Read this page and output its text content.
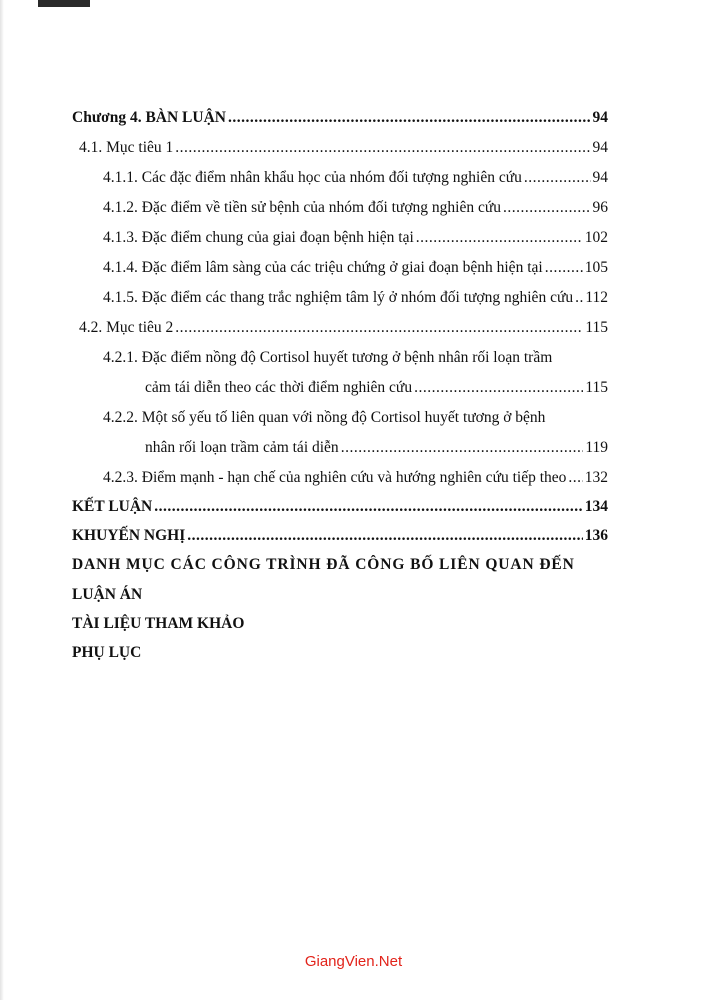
Chương 4. BÀN LUẬN .....	94
4.1. Mục tiêu 1 .....	94
4.1.1. Các đặc điểm nhân khẩu học của nhóm đối tượng nghiên cứu .....	94
4.1.2. Đặc điểm về tiền sử bệnh của nhóm đối tượng nghiên cứu .....	96
4.1.3. Đặc điểm chung của giai đoạn bệnh hiện tại .....	102
4.1.4. Đặc điểm lâm sàng của các triệu chứng ở giai đoạn bệnh hiện tại .....	105
4.1.5. Đặc điểm các thang trắc nghiệm tâm lý ở nhóm đối tượng nghiên cứu ..... 112
4.2. Mục tiêu 2 .....	115
4.2.1. Đặc điểm nồng độ Cortisol huyết tương ở bệnh nhân rối loạn trầm
cảm tái diễn theo các thời điểm nghiên cứu .....	115
4.2.2. Một số yếu tố liên quan với nồng độ Cortisol huyết tương ở bệnh
nhân rối loạn trầm cảm tái diễn .....	119
4.2.3. Điểm mạnh - hạn chế của nghiên cứu và hướng nghiên cứu tiếp theo ..... 132
KẾT LUẬN .....	134
KHUYẾN NGHỊ .....	136
DANH MỤC CÁC CÔNG TRÌNH ĐÃ CÔNG BỐ LIÊN QUAN ĐẾN
LUẬN ÁN
TÀI LIỆU THAM KHẢO
PHỤ LỤC
GiangVien.Net
